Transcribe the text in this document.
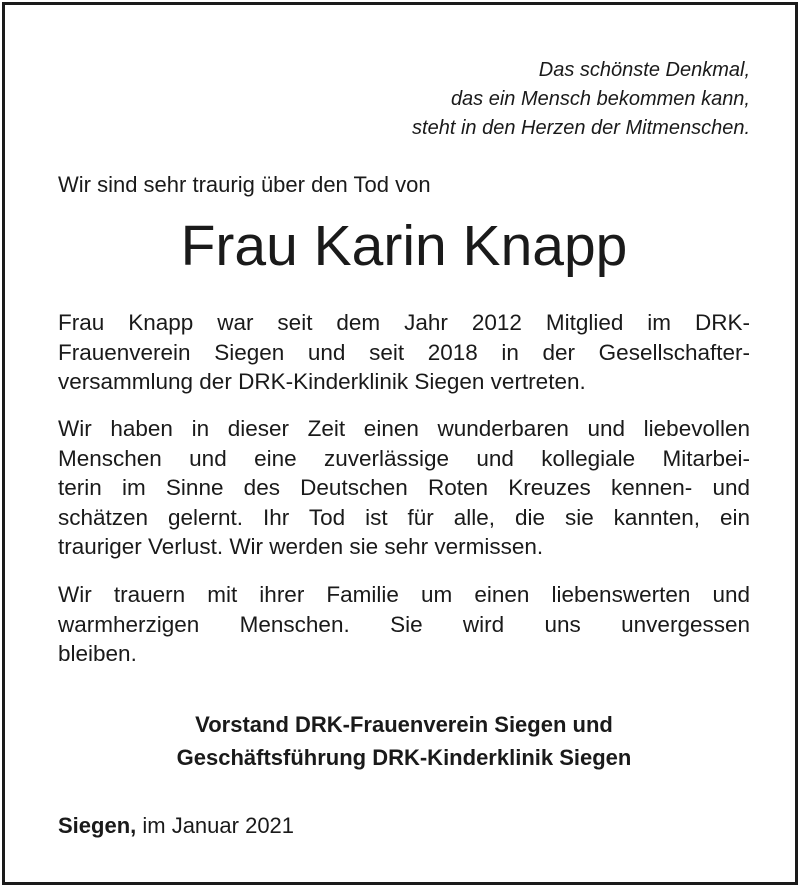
Das schönste Denkmal,
das ein Mensch bekommen kann,
steht in den Herzen der Mitmenschen.
Wir sind sehr traurig über den Tod von
Frau Karin Knapp
Frau Knapp war seit dem Jahr 2012 Mitglied im DRK-
Frauenverein Siegen und seit 2018 in der Gesellschafter-
versammlung der DRK-Kinderklinik Siegen vertreten.
Wir haben in dieser Zeit einen wunderbaren und liebevollen
Menschen und eine zuverlässige und kollegiale Mitarbei-
terin im Sinne des Deutschen Roten Kreuzes kennen- und
schätzen gelernt. Ihr Tod ist für alle, die sie kannten, ein
trauriger Verlust. Wir werden sie sehr vermissen.
Wir trauern mit ihrer Familie um einen liebenswerten und
warmherzigen Menschen. Sie wird uns unvergessen
bleiben.
Vorstand DRK-Frauenverein Siegen und
Geschäftsführung DRK-Kinderklinik Siegen
Siegen, im Januar 2021
